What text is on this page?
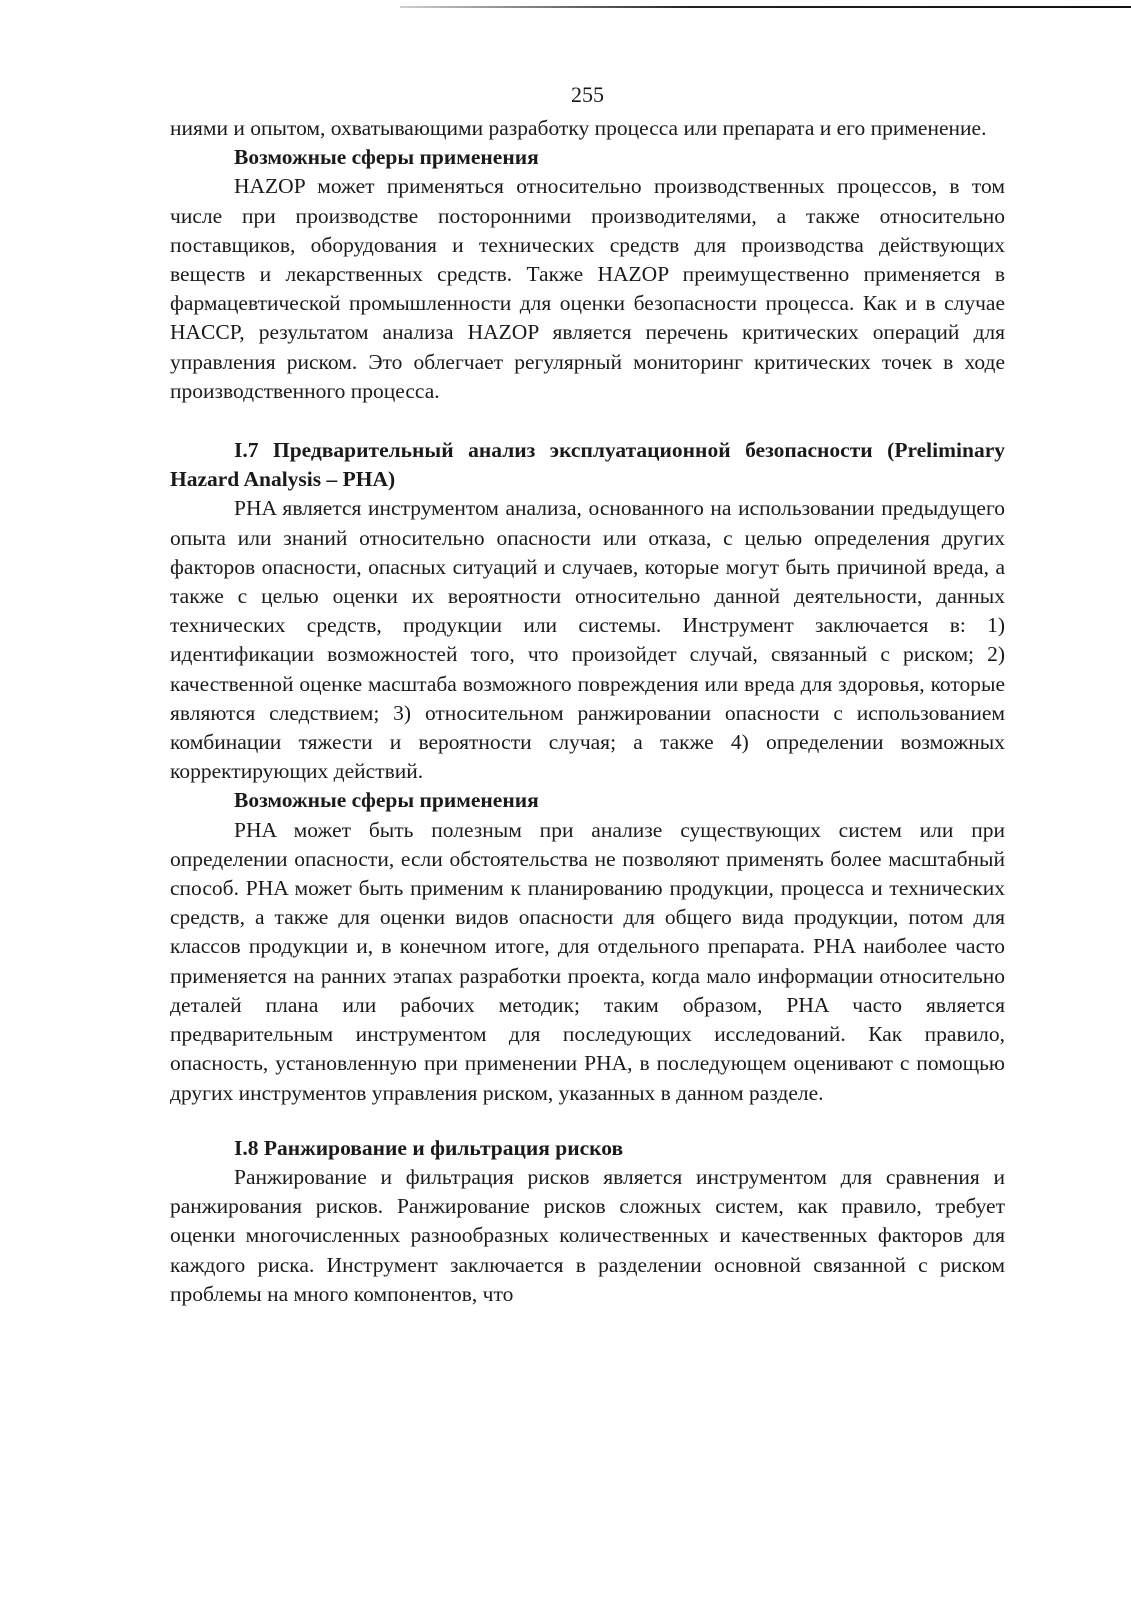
255

ниями и опытом, охватывающими разработку процесса или препарата и его применение.

Возможные сферы применения

HAZOP может применяться относительно производственных процессов, в том числе при производстве посторонними производителями, а также относительно поставщиков, оборудования и технических средств для производства действующих веществ и лекарственных средств. Также HAZOP преимущественно применяется в фармацевтической промышленности для оценки безопасности процесса. Как и в случае HACCP, результатом анализа HAZOP является перечень критических операций для управления риском. Это облегчает регулярный мониторинг критических точек в ходе производственного процесса.

I.7 Предварительный анализ эксплуатационной безопасности (Preliminary Hazard Analysis – PHA)

PHA является инструментом анализа, основанного на использовании предыдущего опыта или знаний относительно опасности или отказа, с целью определения других факторов опасности, опасных ситуаций и случаев, которые могут быть причиной вреда, а также с целью оценки их вероятности относительно данной деятельности, данных технических средств, продукции или системы. Инструмент заключается в: 1) идентификации возможностей того, что произойдет случай, связанный с риском; 2) качественной оценке масштаба возможного повреждения или вреда для здоровья, которые являются следствием; 3) относительном ранжировании опасности с использованием комбинации тяжести и вероятности случая; а также 4) определении возможных корректирующих действий.

Возможные сферы применения

PHA может быть полезным при анализе существующих систем или при определении опасности, если обстоятельства не позволяют применять более масштабный способ. PHA может быть применим к планированию продукции, процесса и технических средств, а также для оценки видов опасности для общего вида продукции, потом для классов продукции и, в конечном итоге, для отдельного препарата. PHA наиболее часто применяется на ранних этапах разработки проекта, когда мало информации относительно деталей плана или рабочих методик; таким образом, PHA часто является предварительным инструментом для последующих исследований. Как правило, опасность, установленную при применении PHA, в последующем оценивают с помощью других инструментов управления риском, указанных в данном разделе.

I.8 Ранжирование и фильтрация рисков

Ранжирование и фильтрация рисков является инструментом для сравнения и ранжирования рисков. Ранжирование рисков сложных систем, как правило, требует оценки многочисленных разнообразных количественных и качественных факторов для каждого риска. Инструмент заключается в разделении основной связанной с риском проблемы на много компонентов, что
